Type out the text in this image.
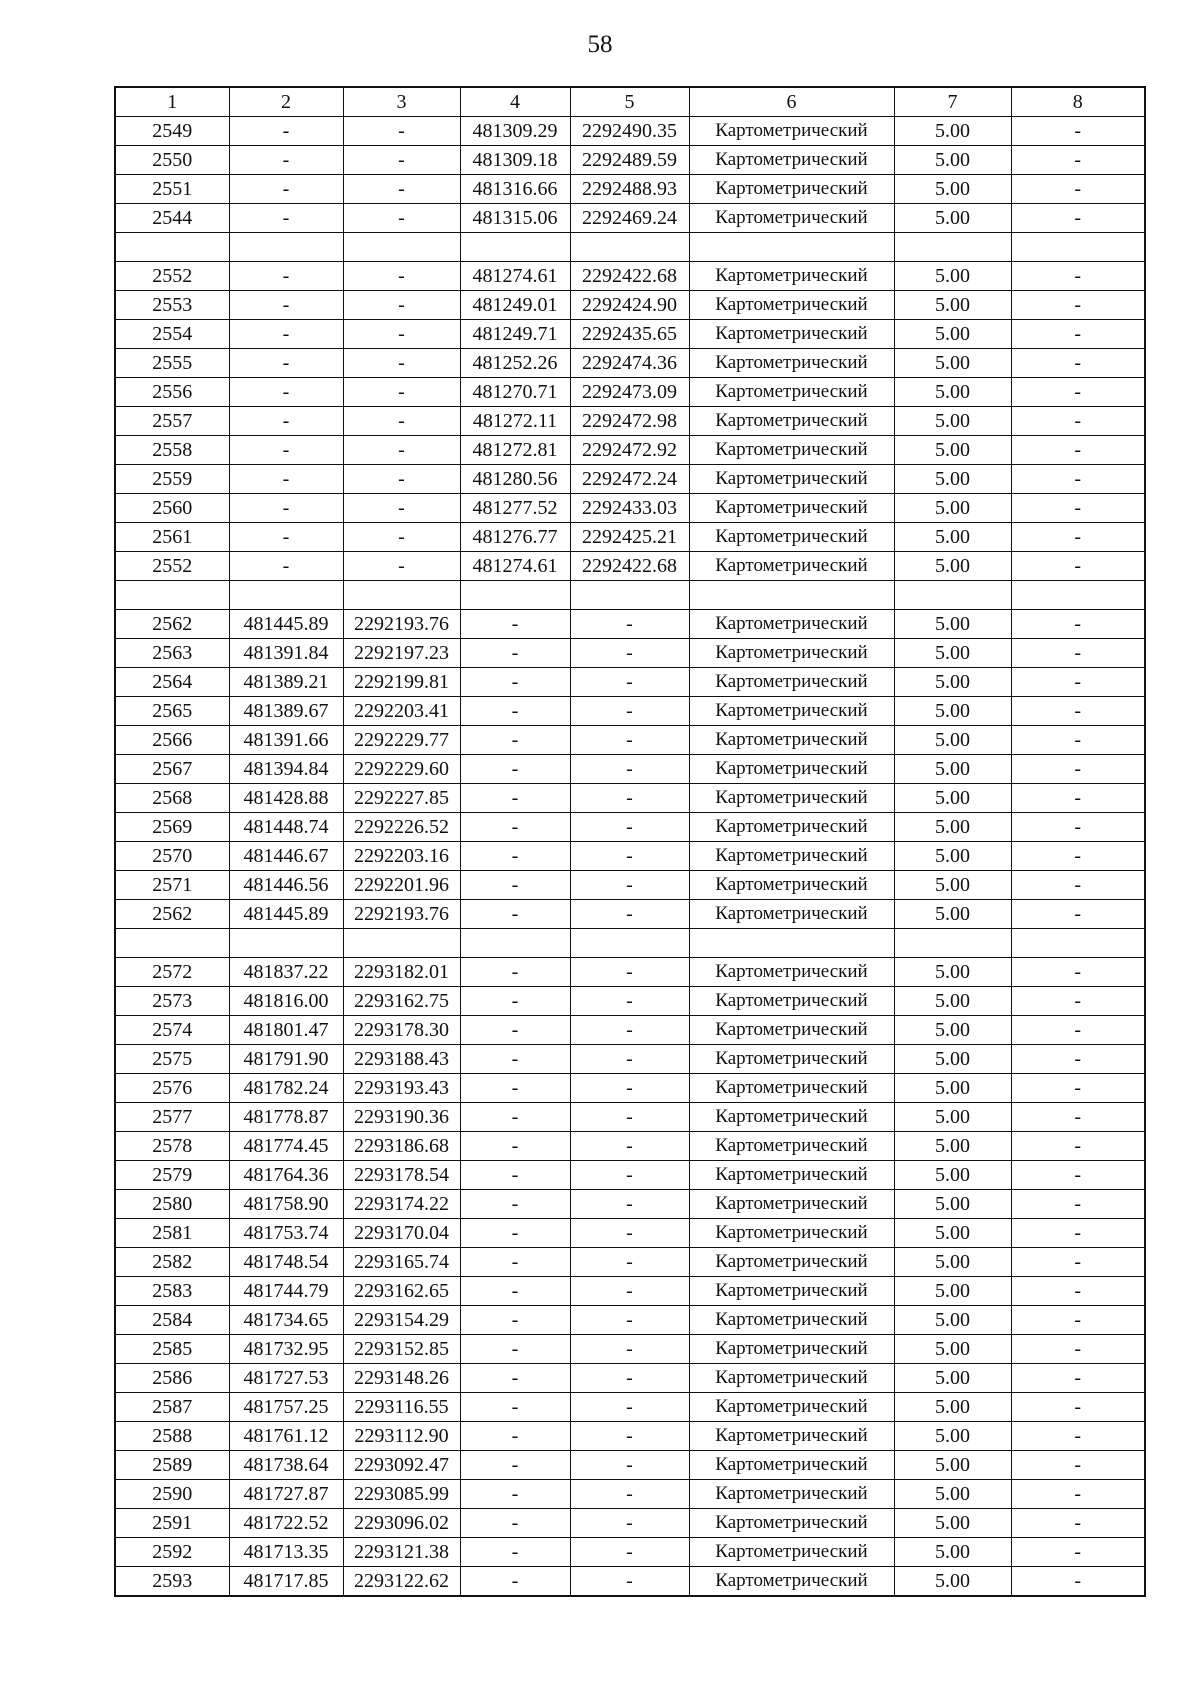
58
1	2	3	4	5	6	7	8
2549	-	-	481309.29	2292490.35	Картометрический	5.00	-
2550	-	-	481309.18	2292489.59	Картометрический	5.00	-
2551	-	-	481316.66	2292488.93	Картометрический	5.00	-
2544	-	-	481315.06	2292469.24	Картометрический	5.00	-

2552	-	-	481274.61	2292422.68	Картометрический	5.00	-
2553	-	-	481249.01	2292424.90	Картометрический	5.00	-
2554	-	-	481249.71	2292435.65	Картометрический	5.00	-
2555	-	-	481252.26	2292474.36	Картометрический	5.00	-
2556	-	-	481270.71	2292473.09	Картометрический	5.00	-
2557	-	-	481272.11	2292472.98	Картометрический	5.00	-
2558	-	-	481272.81	2292472.92	Картометрический	5.00	-
2559	-	-	481280.56	2292472.24	Картометрический	5.00	-
2560	-	-	481277.52	2292433.03	Картометрический	5.00	-
2561	-	-	481276.77	2292425.21	Картометрический	5.00	-
2552	-	-	481274.61	2292422.68	Картометрический	5.00	-

2562	481445.89	2292193.76	-	-	Картометрический	5.00	-
2563	481391.84	2292197.23	-	-	Картометрический	5.00	-
2564	481389.21	2292199.81	-	-	Картометрический	5.00	-
2565	481389.67	2292203.41	-	-	Картометрический	5.00	-
2566	481391.66	2292229.77	-	-	Картометрический	5.00	-
2567	481394.84	2292229.60	-	-	Картометрический	5.00	-
2568	481428.88	2292227.85	-	-	Картометрический	5.00	-
2569	481448.74	2292226.52	-	-	Картометрический	5.00	-
2570	481446.67	2292203.16	-	-	Картометрический	5.00	-
2571	481446.56	2292201.96	-	-	Картометрический	5.00	-
2562	481445.89	2292193.76	-	-	Картометрический	5.00	-

2572	481837.22	2293182.01	-	-	Картометрический	5.00	-
2573	481816.00	2293162.75	-	-	Картометрический	5.00	-
2574	481801.47	2293178.30	-	-	Картометрический	5.00	-
2575	481791.90	2293188.43	-	-	Картометрический	5.00	-
2576	481782.24	2293193.43	-	-	Картометрический	5.00	-
2577	481778.87	2293190.36	-	-	Картометрический	5.00	-
2578	481774.45	2293186.68	-	-	Картометрический	5.00	-
2579	481764.36	2293178.54	-	-	Картометрический	5.00	-
2580	481758.90	2293174.22	-	-	Картометрический	5.00	-
2581	481753.74	2293170.04	-	-	Картометрический	5.00	-
2582	481748.54	2293165.74	-	-	Картометрический	5.00	-
2583	481744.79	2293162.65	-	-	Картометрический	5.00	-
2584	481734.65	2293154.29	-	-	Картометрический	5.00	-
2585	481732.95	2293152.85	-	-	Картометрический	5.00	-
2586	481727.53	2293148.26	-	-	Картометрический	5.00	-
2587	481757.25	2293116.55	-	-	Картометрический	5.00	-
2588	481761.12	2293112.90	-	-	Картометрический	5.00	-
2589	481738.64	2293092.47	-	-	Картометрический	5.00	-
2590	481727.87	2293085.99	-	-	Картометрический	5.00	-
2591	481722.52	2293096.02	-	-	Картометрический	5.00	-
2592	481713.35	2293121.38	-	-	Картометрический	5.00	-
2593	481717.85	2293122.62	-	-	Картометрический	5.00	-
